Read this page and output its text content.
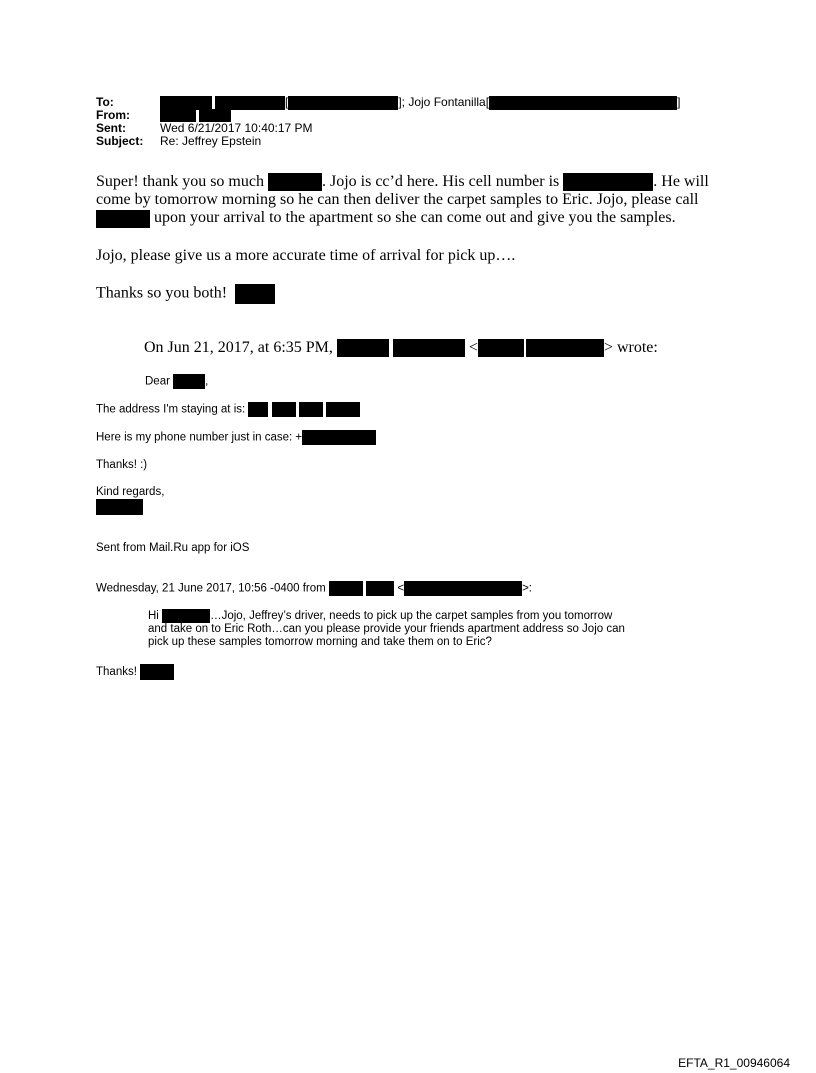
To:	[	]; Jojo Fontanilla[	]
From:
Sent:	Wed 6/21/2017 10:40:17 PM
Subject:	Re: Jeffrey Epstein
Super! thank you so much	. Jojo is cc’d here. His cell number is	. He will
come by tomorrow morning so he can then deliver the carpet samples to Eric. Jojo, please call
upon your arrival to the apartment so she can come out and give you the samples.
Jojo, please give us a more accurate time of arrival for pick up….
Thanks so you both!
On Jun 21, 2017, at 6:35 PM,	<	> wrote:
Dear	,
The address I'm staying at is:
Here is my phone number just in case: +
Thanks! :)
Kind regards,
Sent from Mail.Ru app for iOS
Wednesday, 21 June 2017, 10:56 -0400 from	<	>:
Hi	…Jojo, Jeffrey’s driver, needs to pick up the carpet samples from you tomorrow
and take on to Eric Roth…can you please provide your friends apartment address so Jojo can
pick up these samples tomorrow morning and take them on to Eric?
Thanks!
EFTA_R1_00946064
